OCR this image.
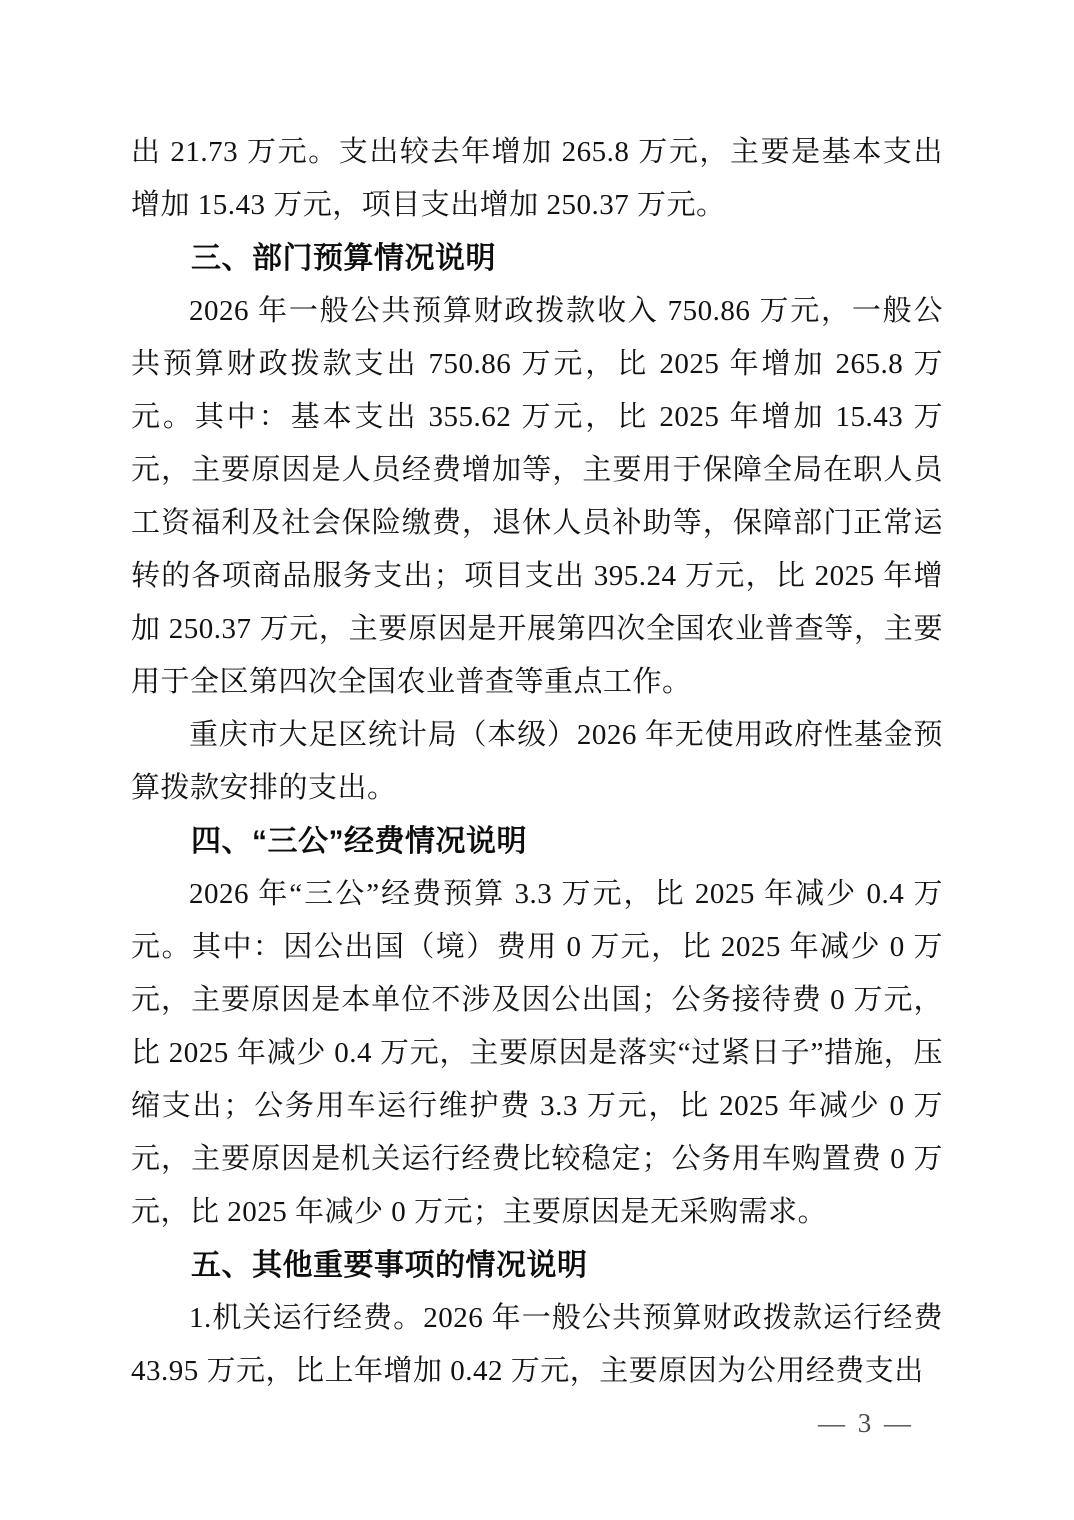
出 21.73 万元。支出较去年增加 265.8 万元，主要是基本支出增加 15.43 万元，项目支出增加 250.37 万元。

三、部门预算情况说明

2026 年一般公共预算财政拨款收入 750.86 万元，一般公共预算财政拨款支出 750.86 万元，比 2025 年增加 265.8 万元。其中：基本支出 355.62 万元，比 2025 年增加 15.43 万元，主要原因是人员经费增加等，主要用于保障全局在职人员工资福利及社会保险缴费，退休人员补助等，保障部门正常运转的各项商品服务支出；项目支出 395.24 万元，比 2025 年增加 250.37 万元，主要原因是开展第四次全国农业普查等，主要用于全区第四次全国农业普查等重点工作。

重庆市大足区统计局（本级）2026 年无使用政府性基金预算拨款安排的支出。

四、“三公”经费情况说明

2026 年“三公”经费预算 3.3 万元，比 2025 年减少 0.4 万元。其中：因公出国（境）费用 0 万元，比 2025 年减少 0 万元，主要原因是本单位不涉及因公出国；公务接待费 0 万元，比 2025 年减少 0.4 万元，主要原因是落实“过紧日子”措施，压缩支出；公务用车运行维护费 3.3 万元，比 2025 年减少 0 万元，主要原因是机关运行经费比较稳定；公务用车购置费 0 万元，比 2025 年减少 0 万元；主要原因是无采购需求。

五、其他重要事项的情况说明

1.机关运行经费。2026 年一般公共预算财政拨款运行经费 43.95 万元，比上年增加 0.42 万元，主要原因为公用经费支出

— 3 —
